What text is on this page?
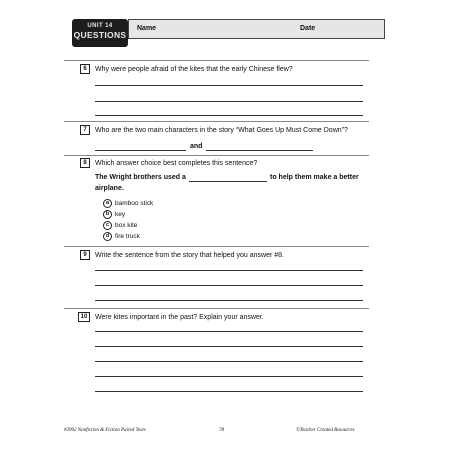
UNIT 14
QUESTIONS
Name	Date
6	Why were people afraid of the kites that the early Chinese flew?
7	Who are the two main characters in the story “What Goes Up Must Come Down”?
and
8	Which answer choice best completes this sentence?
The Wright brothers used a	to help them make a better
airplane.
a bamboo stick
b key
c box kite
d fire truck
9	Write the sentence from the story that helped you answer #8.
10	Were kites important in the past? Explain your answer.
#3992 Nonfiction & Fiction Paired Texts	78	©Teacher Created Resources
